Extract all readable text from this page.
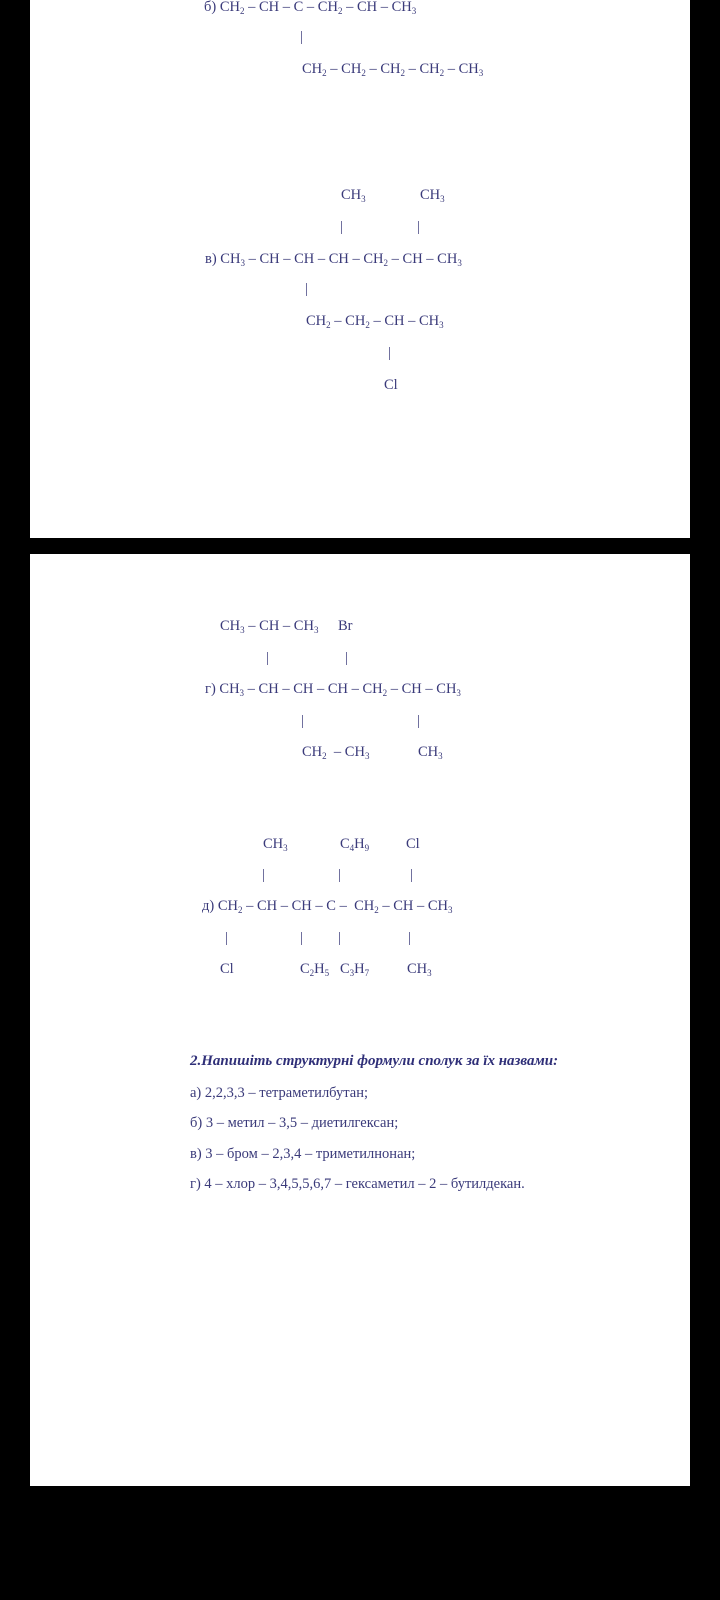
б) $CH_2$ – CH – C – $CH_2$ – CH – $CH_3$
|
$CH_2 - CH_2 - CH_2 - CH_2 - CH_3$
$CH_3$	$CH_3$
|	|
в) $CH_3$ – CH – CH – CH – $CH_2$ – CH – $CH_3$
|
$CH_2 - CH_2$ – CH – $CH_3$
|
Cl
$CH_3$ – CH – $CH_3$ Br
|	|
г) $CH_3$ – CH – CH – CH – $CH_2$ – CH – $CH_3$
|	|
$CH_2 - CH_3$	$CH_3$
$CH_3$	$C_4H_9$	Cl
|	|	|
д) $CH_2$ – CH – CH – C –  $CH_2$ – CH – $CH_3$
|	| |	|
Cl	$C_2H_5$ $C_3H_7$	$CH_3$
2.Напишіть структурні формули сполук за їх назвами:
а) 2,2,3,3 – тетраметилбутан;
б) 3 – метил – 3,5 – диетилгексан;
в) 3 – бром – 2,3,4 – триметилнонан;
г) 4 – хлор – 3,4,5,5,6,7 – гексаметил – 2 – бутилдекан.
